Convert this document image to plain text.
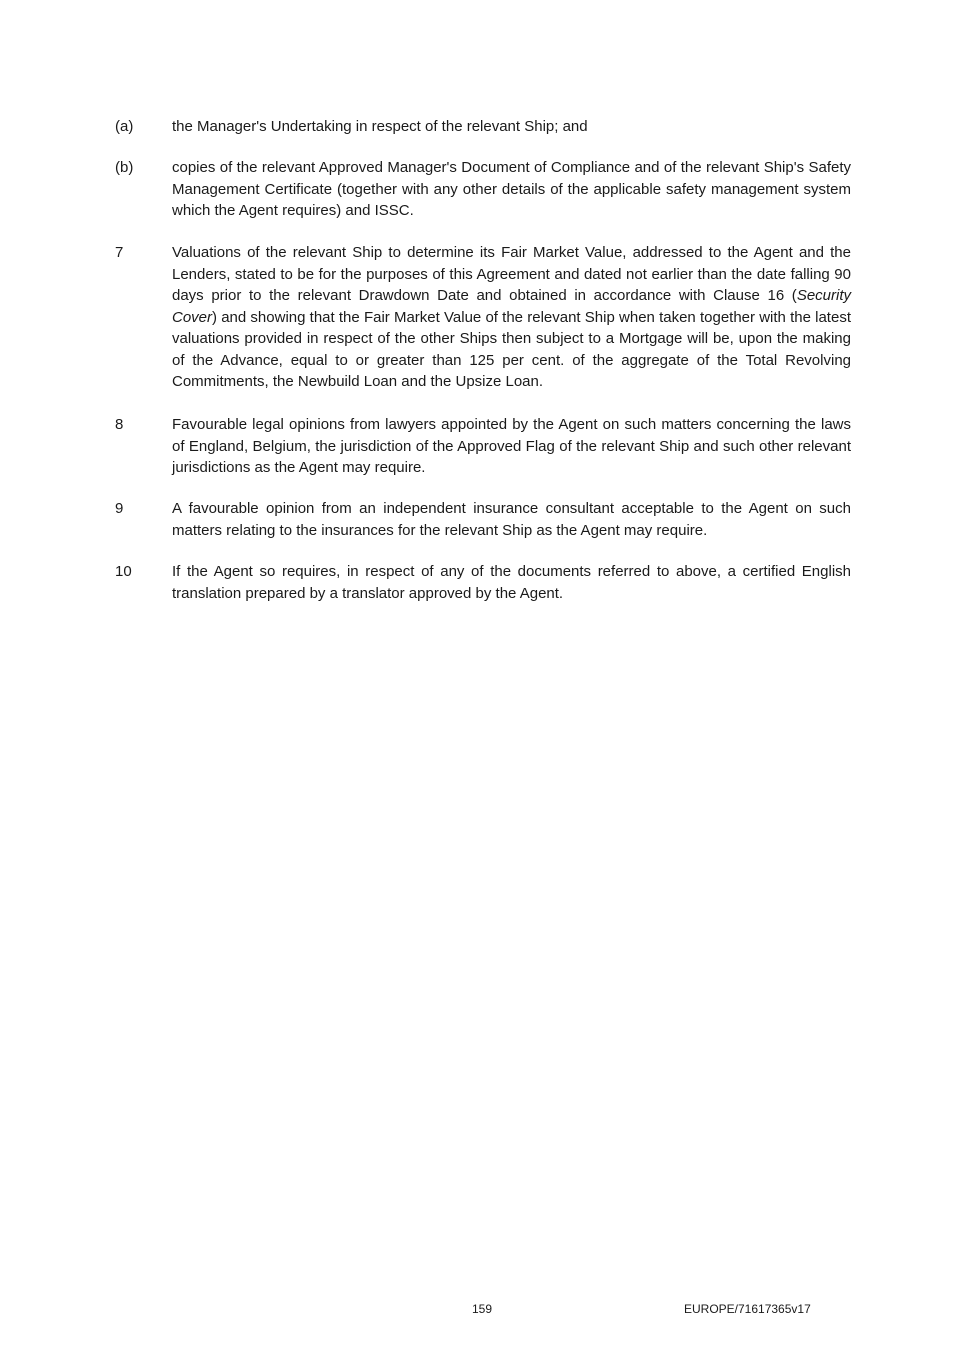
(a)	the Manager's Undertaking in respect of the relevant Ship; and
(b)	copies of the relevant Approved Manager's Document of Compliance and of the relevant Ship's Safety Management Certificate (together with any other details of the applicable safety management system which the Agent requires) and ISSC.
7	Valuations of the relevant Ship to determine its Fair Market Value, addressed to the Agent and the Lenders, stated to be for the purposes of this Agreement and dated not earlier than the date falling 90 days prior to the relevant Drawdown Date and obtained in accordance with Clause 16 (Security Cover) and showing that the Fair Market Value of the relevant Ship when taken together with the latest valuations provided in respect of the other Ships then subject to a Mortgage will be, upon the making of the Advance, equal to or greater than 125 per cent. of the aggregate of the Total Revolving Commitments, the Newbuild Loan and the Upsize Loan.
8	Favourable legal opinions from lawyers appointed by the Agent on such matters concerning the laws of England, Belgium, the jurisdiction of the Approved Flag of the relevant Ship and such other relevant jurisdictions as the Agent may require.
9	A favourable opinion from an independent insurance consultant acceptable to the Agent on such matters relating to the insurances for the relevant Ship as the Agent may require.
10	If the Agent so requires, in respect of any of the documents referred to above, a certified English translation prepared by a translator approved by the Agent.
159	EUROPE/71617365v17
